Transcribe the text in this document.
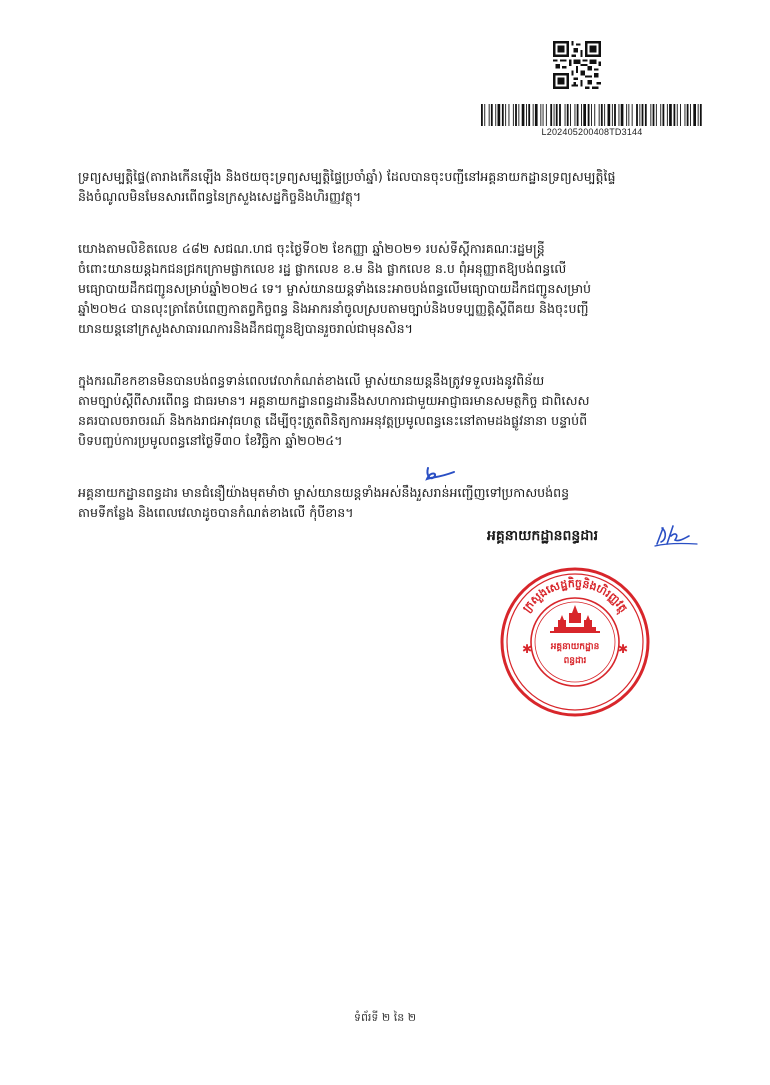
L202405200408TD3144

ទ្រព្យសម្បត្តិផ្ទៃ(តារាងកើនឡើង និងថយចុះទ្រព្យសម្បត្តិផ្ទៃប្រចាំឆ្នាំ) ដែលបានចុះបញ្ជីនៅអគ្គនាយកដ្ឋានទ្រព្យសម្បត្តិផ្ទៃ
និងចំណូលមិនមែនសារពើពន្ធនៃក្រសួងសេដ្ឋកិច្ចនិងហិរញ្ញវត្ថុ។

យោងតាមលិខិតលេខ ៤៨២ សជណ.ហជ ចុះថ្ងៃទី០២ ខែកញ្ញា ឆ្នាំ២០២១ របស់ទីស្តីការគណៈរដ្ឋមន្ត្រី
ចំពោះយានយន្តឯកជនជ្រកក្រោមផ្លាកលេខ រដ្ឋ ផ្លាកលេខ ខ.ម និង ផ្លាកលេខ ន.ប ពុំអនុញ្ញាតឱ្យបង់ពន្ធលើ
មធ្យោបាយដឹកជញ្ជូនសម្រាប់ឆ្នាំ២០២៤ ទេ។ ម្ចាស់យានយន្តទាំងនេះអាចបង់ពន្ធលើមធ្យោបាយដឹកជញ្ជូនសម្រាប់
ឆ្នាំ២០២៤ បានលុះត្រាតែបំពេញកាតព្វកិច្ចពន្ធ និងអាករនាំចូលស្របតាមច្បាប់និងបទប្បញ្ញត្តិស្តីពីគយ និងចុះបញ្ជី
យានយន្តនៅក្រសួងសាធារណការនិងដឹកជញ្ជូនឱ្យបានរួចរាល់ជាមុនសិន។

ក្នុងករណីខកខានមិនបានបង់ពន្ធទាន់ពេលវេលាកំណត់ខាងលើ ម្ចាស់យានយន្តនឹងត្រូវទទួលរងនូវពិន័យ
តាមច្បាប់ស្តីពីសារពើពន្ធ ជាធរមាន។ អគ្គនាយកដ្ឋានពន្ធដារនឹងសហការជាមួយអាជ្ញាធរមានសមត្ថកិច្ច ជាពិសេស
នគរបាលចរាចរណ៍ និងកងរាជអាវុធហត្ថ ដើម្បីចុះត្រួតពិនិត្យការអនុវត្តប្រមូលពន្ធនេះនៅតាមដងផ្លូវនានា បន្ទាប់ពី
បិទបញ្ចប់ការប្រមូលពន្ធនៅថ្ងៃទី៣០ ខែវិច្ឆិកា ឆ្នាំ២០២៤។

អគ្គនាយកដ្ឋានពន្ធដារ មានជំនឿយ៉ាងមុតមាំថា ម្ចាស់យានយន្តទាំងអស់នឹងរួសរាន់អញ្ជើញទៅប្រកាសបង់ពន្ធ
តាមទីកន្លែង និងពេលវេលាដូចបានកំណត់ខាងលើ កុំបីខាន។

អគ្គនាយកដ្ឋានពន្ធដារ
ក្រសួងសេដ្ឋកិច្ចនិងហិរញ្ញវត្ថុ
✱	✱
អគ្គនាយកដ្ឋាន
ពន្ធដារ
ទំព័រទី ២ នៃ ២
